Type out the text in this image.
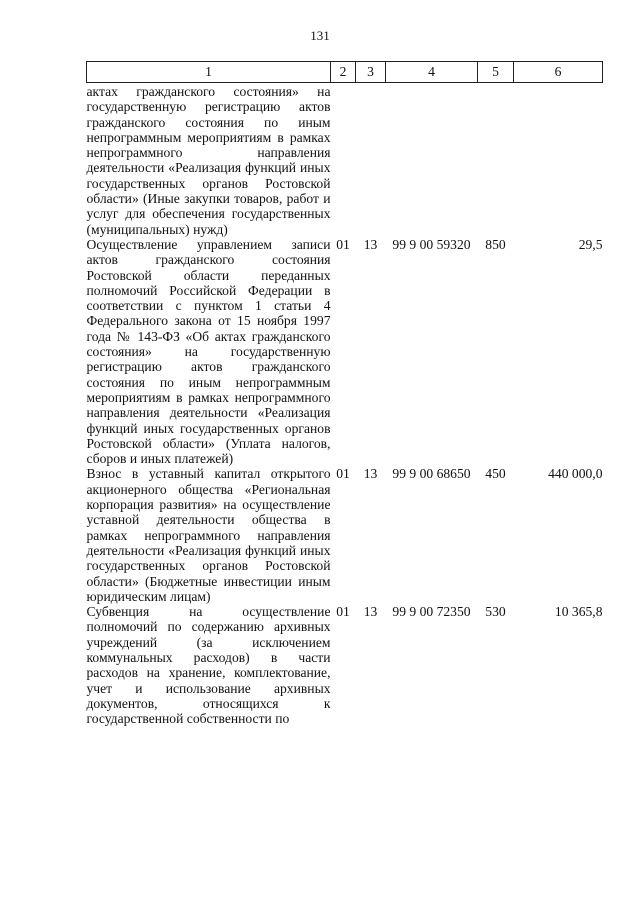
131
1	2	3	4	5	6
актах гражданского состояния» на государственную регистрацию актов гражданского состояния по иным непрограммным мероприятиям в рамках непрограммного направления деятельности «Реализация функций иных государственных органов Ростовской области» (Иные закупки товаров, работ и услуг для обеспечения государственных (муниципальных) нужд)					
Осуществление управлением записи актов гражданского состояния Ростовской области переданных полномочий Российской Федерации в соответствии с пунктом 1 статьи 4 Федерального закона от 15 ноября 1997 года № 143-ФЗ «Об актах гражданского состояния» на государственную регистрацию актов гражданского состояния по иным непрограммным мероприятиям в рамках непрограммного направления деятельности «Реализация функций иных государственных органов Ростовской области» (Уплата налогов, сборов и иных платежей)	01	13	99 9 00 59320	850	29,5
Взнос в уставный капитал открытого акционерного общества «Региональная корпорация развития» на осуществление уставной деятельности общества в рамках непрограммного направления деятельности «Реализация функций иных государственных органов Ростовской области» (Бюджетные инвестиции иным юридическим лицам)	01	13	99 9 00 68650	450	440 000,0
Субвенция на осуществление полномочий по содержанию архивных учреждений (за исключением коммунальных расходов) в части расходов на хранение, комплектование, учет и использование архивных документов, относящихся к государственной собственности по	01	13	99 9 00 72350	530	10 365,8
